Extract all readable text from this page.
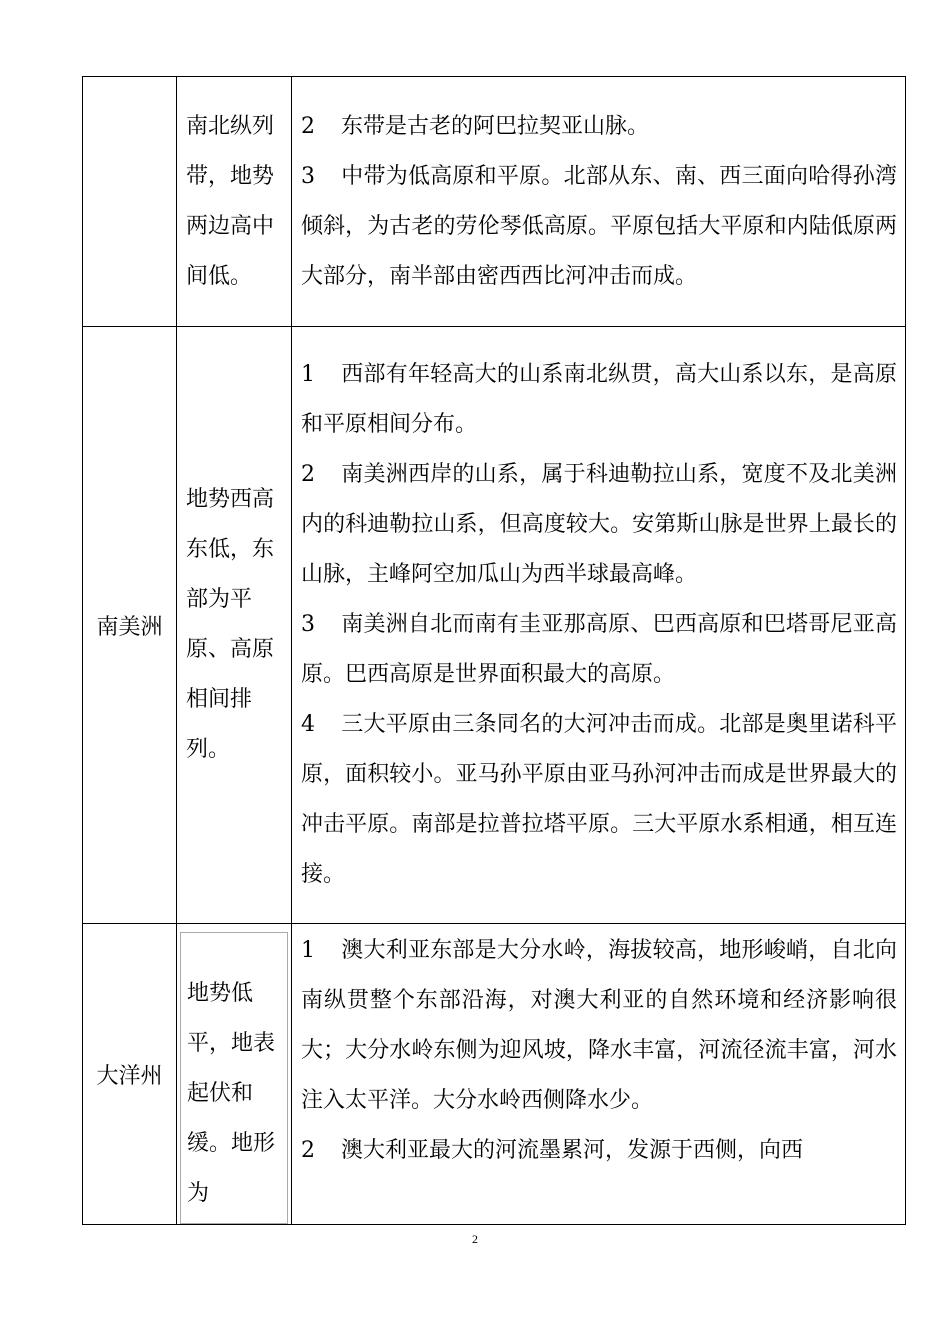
	南北纵列带，地势两边高中间低。	2 东带是古老的阿巴拉契亚山脉。

3 中带为低高原和平原。北部从东、南、西三面向哈得孙湾倾斜，为古老的劳伦琴低高原。平原包括大平原和内陆低原两大部分，南半部由密西西比河冲击而成。

南美洲	地势西高东低，东部为平原、高原相间排列。	1 西部有年轻高大的山系南北纵贯，高大山系以东，是高原和平原相间分布。

2 南美洲西岸的山系，属于科迪勒拉山系，宽度不及北美洲内的科迪勒拉山系，但高度较大。安第斯山脉是世界上最长的山脉，主峰阿空加瓜山为西半球最高峰。

3 南美洲自北而南有圭亚那高原、巴西高原和巴塔哥尼亚高原。巴西高原是世界面积最大的高原。

4 三大平原由三条同名的大河冲击而成。北部是奥里诺科平原，面积较小。亚马孙平原由亚马孙河冲击而成是世界最大的冲击平原。南部是拉普拉塔平原。三大平原水系相通，相互连接。

大洋州	地势低平，地表起伏和缓。地形为	1 澳大利亚东部是大分水岭，海拔较高，地形峻峭，自北向南纵贯整个东部沿海，对澳大利亚的自然环境和经济影响很大；大分水岭东侧为迎风坡，降水丰富，河流径流丰富，河水注入太平洋。大分水岭西侧降水少。

2 澳大利亚最大的河流墨累河，发源于西侧，向西

2
